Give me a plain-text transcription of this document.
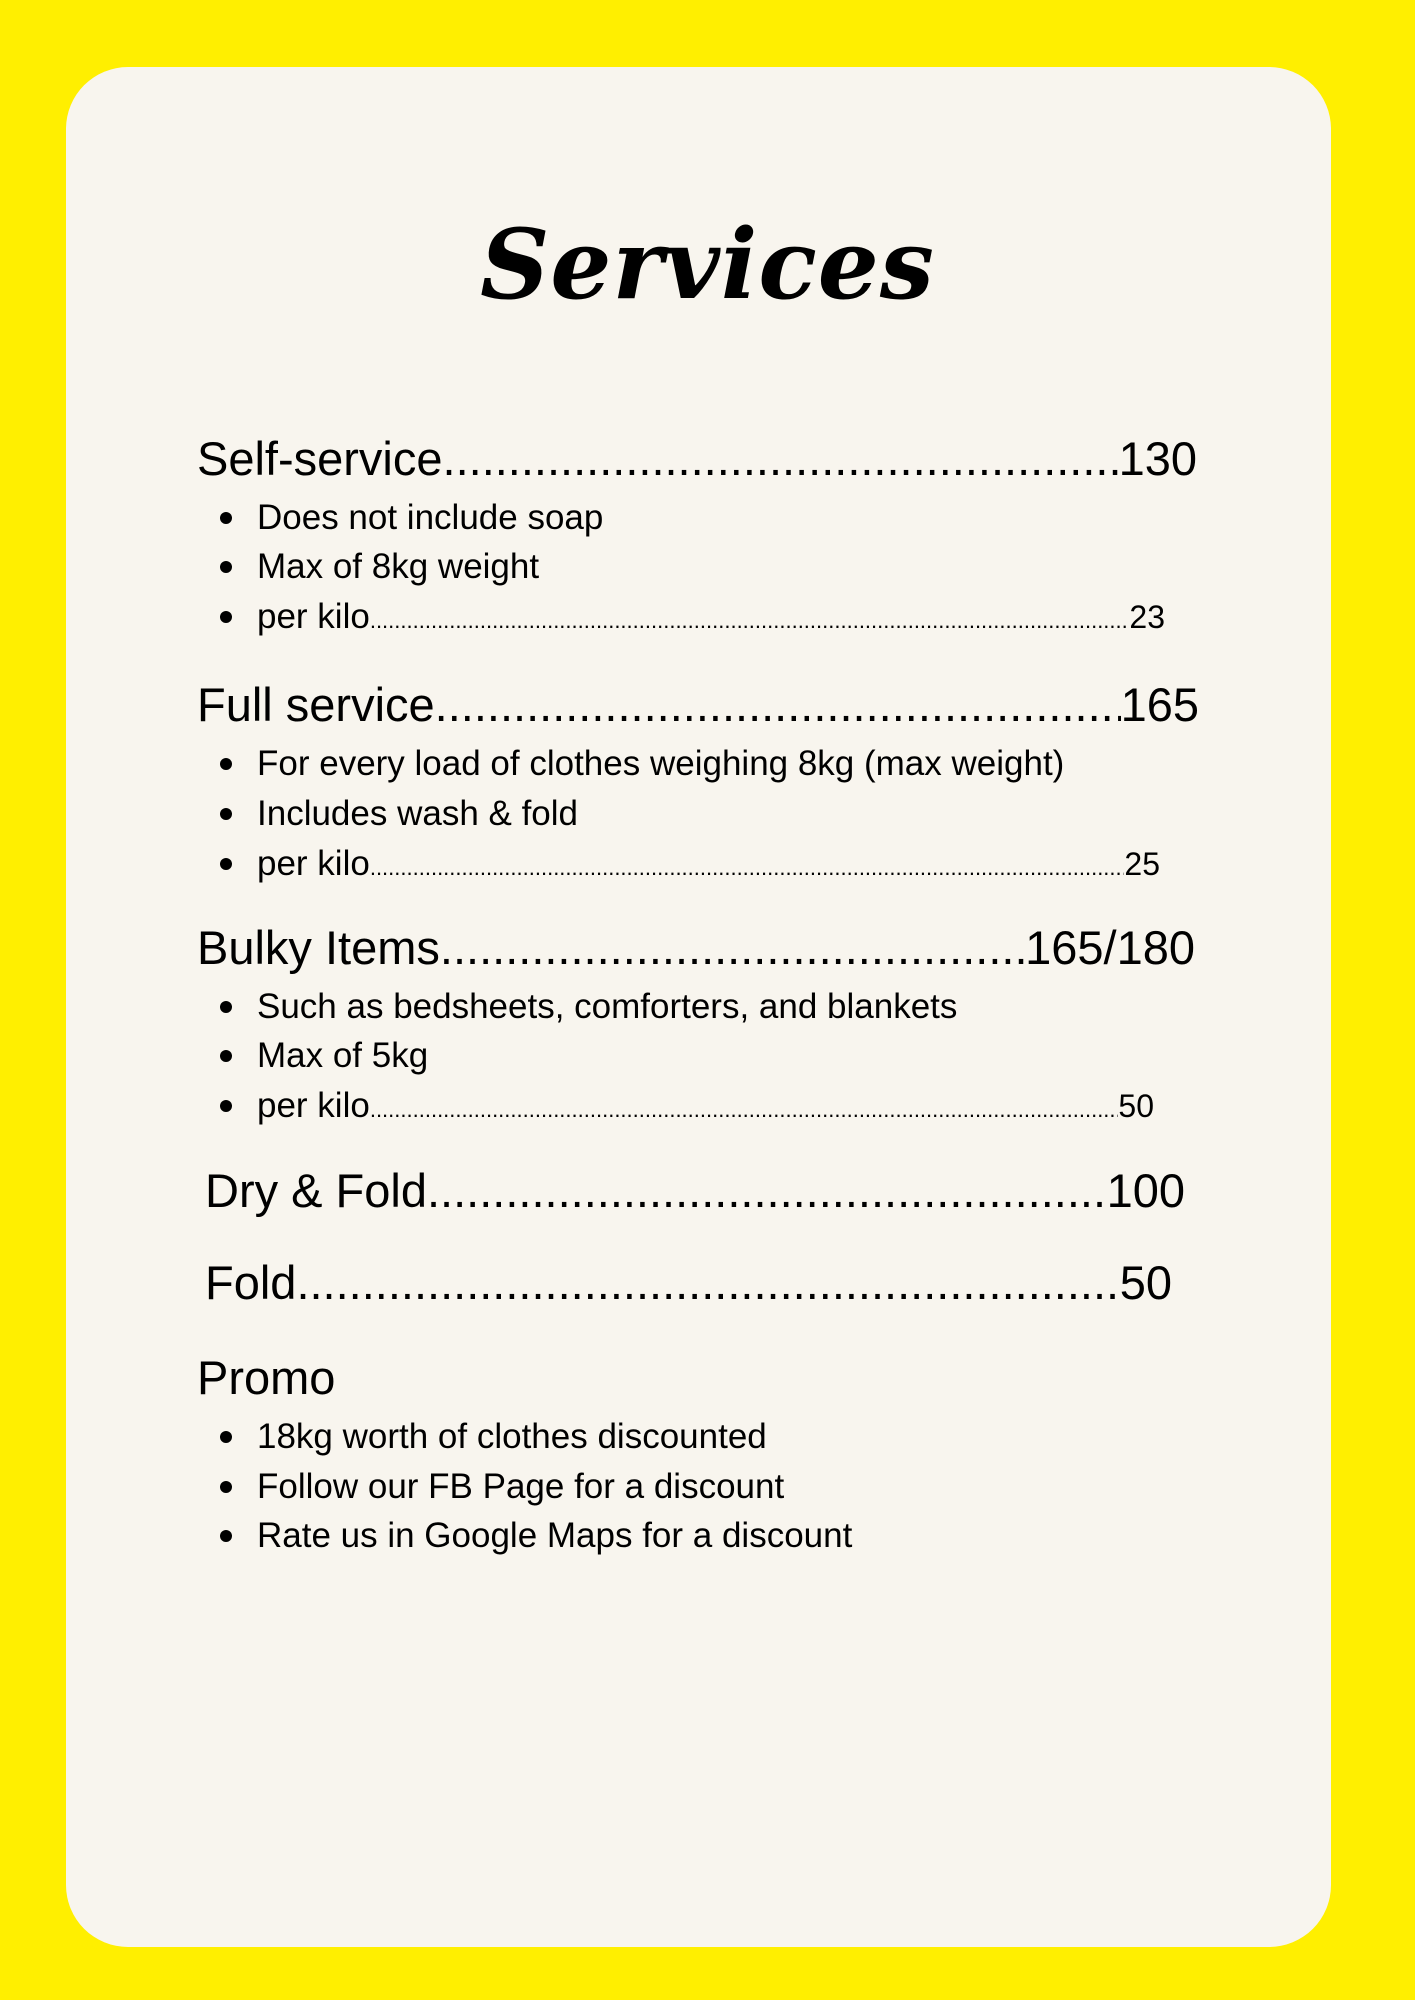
Services
Self-service .....	130
Does not include soap
Max of 8kg weight
per kilo .....	23
Full service .....	165
For every load of clothes weighing 8kg (max weight)
Includes wash & fold
per kilo .....	25
Bulky Items .....	165/180
Such as bedsheets, comforters, and blankets
Max of 5kg
per kilo .....	50
Dry & Fold .....	100
Fold .....	50
Promo
18kg worth of clothes discounted
Follow our FB Page for a discount
Rate us in Google Maps for a discount
